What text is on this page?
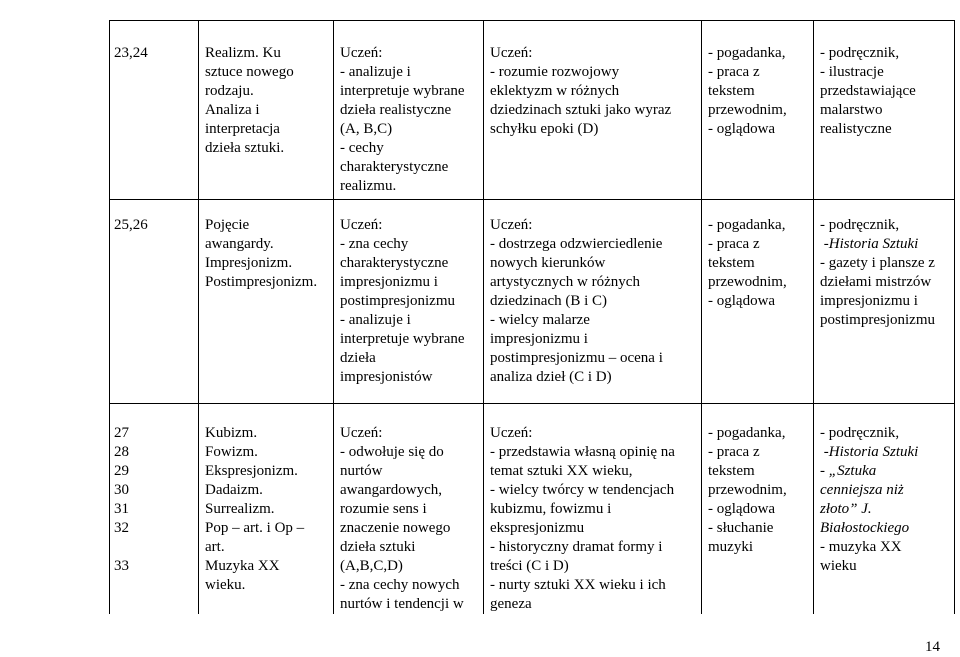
23,24	Realizm. Ku
sztuce nowego
rodzaju.
Analiza i
interpretacja
dzieła sztuki.
Uczeń:
- analizuje i
interpretuje wybrane
dzieła realistyczne
(A, B,C)
- cechy
charakterystyczne
realizmu.
Uczeń:
- rozumie rozwojowy
eklektyzm w różnych
dziedzinach sztuki jako wyraz
schyłku epoki (D)
- pogadanka,
- praca z
tekstem
przewodnim,
- oglądowa
- podręcznik,
- ilustracje
przedstawiające
malarstwo
realistyczne
25,26	Pojęcie
awangardy.
Impresjonizm.
Postimpresjonizm.
Uczeń:
- zna cechy
charakterystyczne
impresjonizmu i
postimpresjonizmu
- analizuje i
interpretuje wybrane
dzieła
impresjonistów
Uczeń:
- dostrzega odzwierciedlenie
nowych kierunków
artystycznych w różnych
dziedzinach (B i C)
- wielcy malarze
impresjonizmu i
postimpresjonizmu – ocena i
analiza dzieł (C i D)
- pogadanka,
- praca z
tekstem
przewodnim,
- oglądowa
- podręcznik,
-Historia Sztuki
- gazety i plansze z
dziełami mistrzów
impresjonizmu i
postimpresjonizmu
27
28
29
30
31
32
33
Kubizm.
Fowizm.
Ekspresjonizm.
Dadaizm.
Surrealizm.
Pop – art. i Op –
art.
Muzyka XX
wieku.
Uczeń:
- odwołuje się do
nurtów
awangardowych,
rozumie sens i
znaczenie nowego
dzieła sztuki
(A,B,C,D)
- zna cechy nowych
nurtów i tendencji w
Uczeń:
- przedstawia własną opinię na
temat sztuki XX wieku,
- wielcy twórcy w tendencjach
kubizmu, fowizmu i
ekspresjonizmu
- historyczny dramat formy i
treści (C i D)
- nurty sztuki XX wieku i ich
geneza
- pogadanka,
- praca z
tekstem
przewodnim,
- oglądowa
- słuchanie
muzyki
- podręcznik,
-Historia Sztuki
- „Sztuka
cenniejsza niż
złoto” J.
Białostockiego
- muzyka XX
wieku
14
